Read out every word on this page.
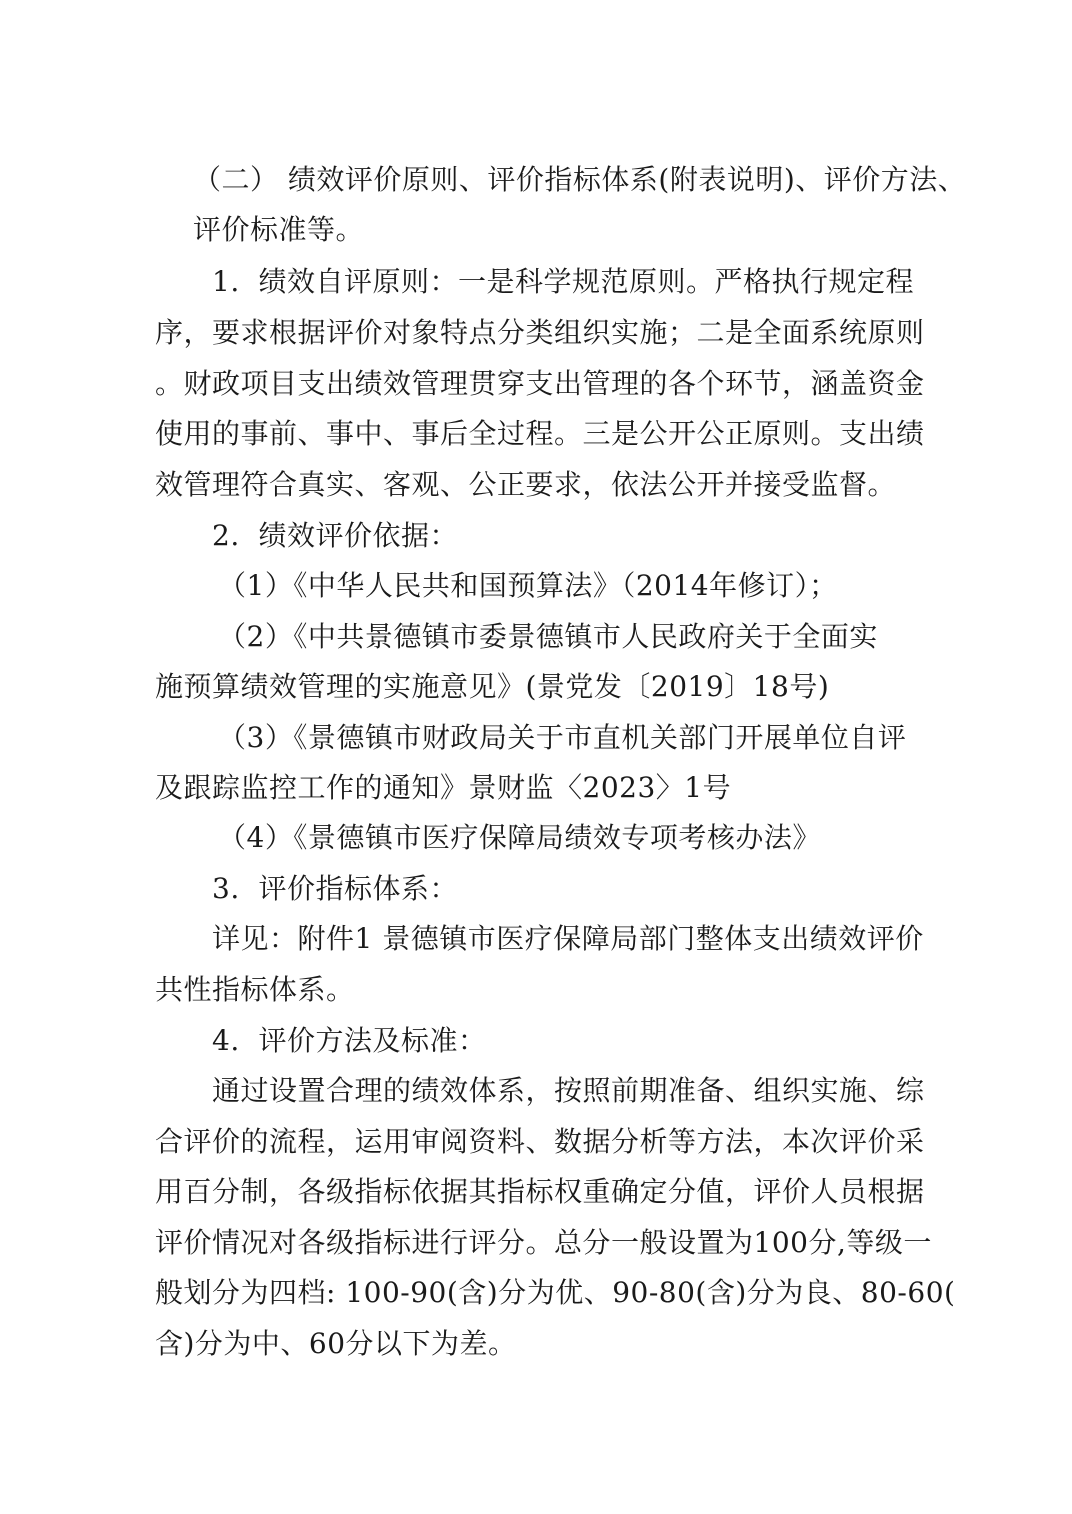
（二） 绩效评价原则、评价指标体系(附表说明)、评价方法、
评价标准等。
1.  绩效自评原则：一是科学规范原则。严格执行规定程
序，要求根据评价对象特点分类组织实施；二是全面系统原则
。财政项目支出绩效管理贯穿支出管理的各个环节，涵盖资金
使用的事前、事中、事后全过程。三是公开公正原则。支出绩
效管理符合真实、客观、公正要求，依法公开并接受监督。
2.  绩效评价依据：
（1）《中华人民共和国预算法》（2014年修订）；
（2）《中共景德镇市委景德镇市人民政府关于全面实
施预算绩效管理的实施意见》(景党发〔2019〕18号)
（3）《景德镇市财政局关于市直机关部门开展单位自评
及跟踪监控工作的通知》景财监〈2023〉1号
（4）《景德镇市医疗保障局绩效专项考核办法》
3.  评价指标体系：
详见：附件1 景德镇市医疗保障局部门整体支出绩效评价
共性指标体系。
4.  评价方法及标准：
通过设置合理的绩效体系，按照前期准备、组织实施、综
合评价的流程，运用审阅资料、数据分析等方法，本次评价采
用百分制，各级指标依据其指标权重确定分值，评价人员根据
评价情况对各级指标进行评分。总分一般设置为100分,等级一
般划分为四档: 100-90(含)分为优、90-80(含)分为良、80-60(
含)分为中、60分以下为差。
